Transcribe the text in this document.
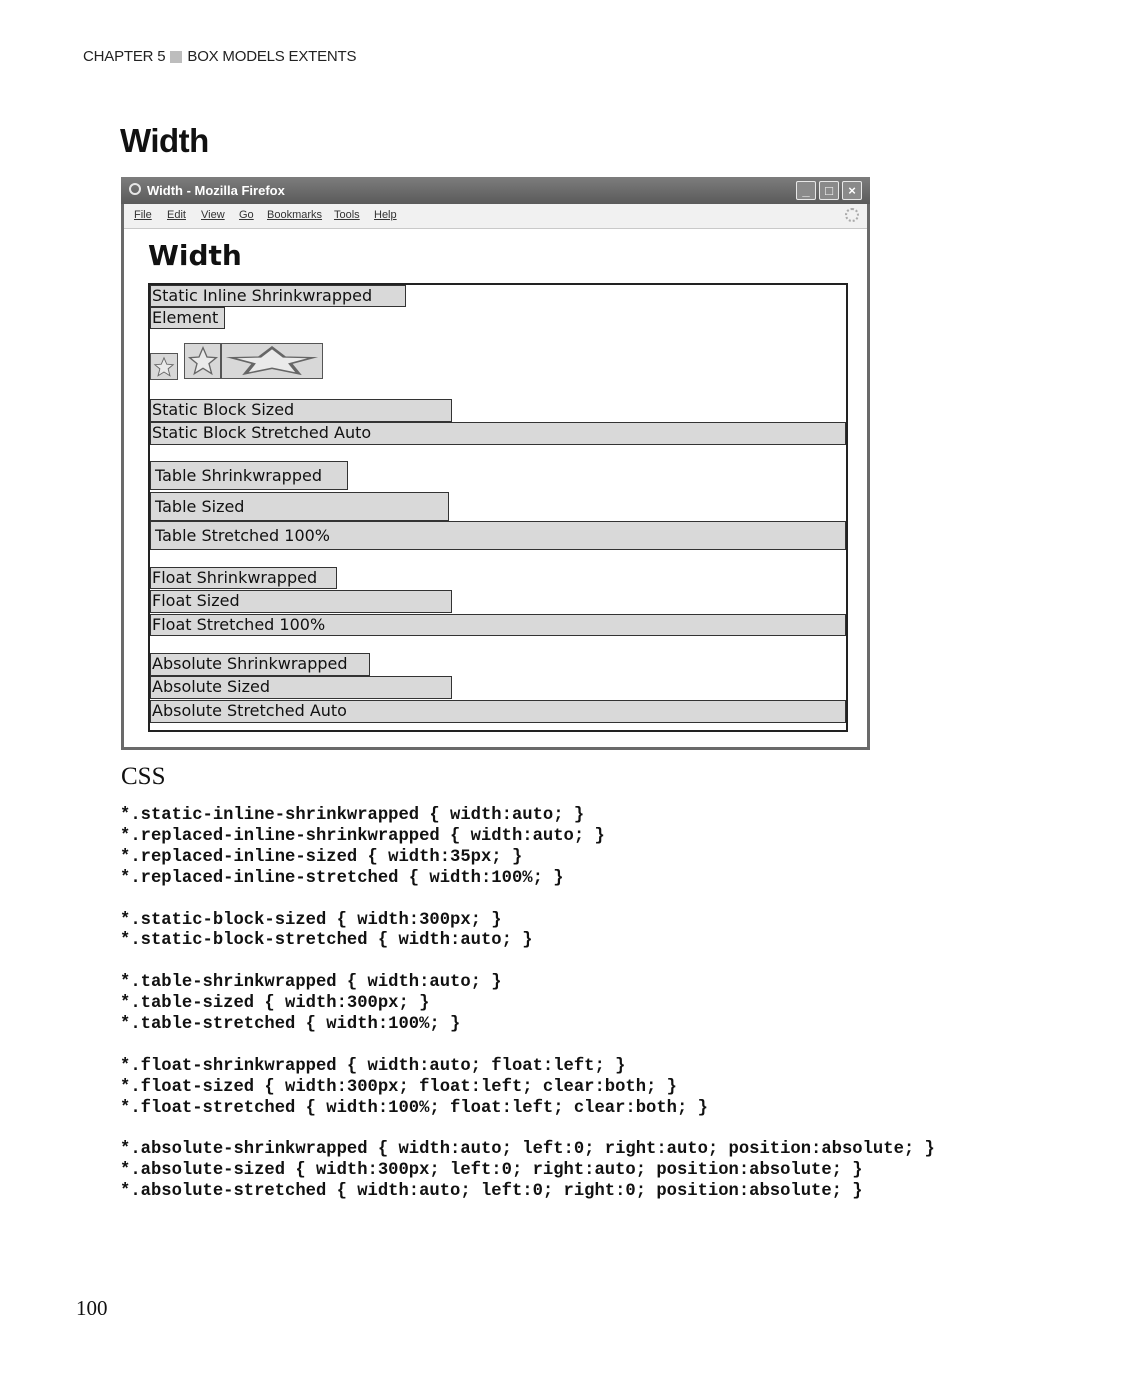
CHAPTER 5 BOX MODELS EXTENTS
Width
Width - Mozilla Firefox	_	□	×
File Edit View Go Bookmarks Tools Help
Width
Static Inline Shrinkwrapped
Element
Static Block Sized
Static Block Stretched Auto
Table Shrinkwrapped
Table Sized
Table Stretched 100%
Float Shrinkwrapped
Float Sized
Float Stretched 100%
Absolute Shrinkwrapped
Absolute Sized
Absolute Stretched Auto
CSS
*.static-inline-shrinkwrapped { width:auto; }
*.replaced-inline-shrinkwrapped { width:auto; }
*.replaced-inline-sized { width:35px; }
*.replaced-inline-stretched { width:100%; }
*.static-block-sized { width:300px; }
*.static-block-stretched { width:auto; }
*.table-shrinkwrapped { width:auto; }
*.table-sized { width:300px; }
*.table-stretched { width:100%; }
*.float-shrinkwrapped { width:auto; float:left; }
*.float-sized { width:300px; float:left; clear:both; }
*.float-stretched { width:100%; float:left; clear:both; }
*.absolute-shrinkwrapped { width:auto; left:0; right:auto; position:absolute; }
*.absolute-sized { width:300px; left:0; right:auto; position:absolute; }
*.absolute-stretched { width:auto; left:0; right:0; position:absolute; }
100
